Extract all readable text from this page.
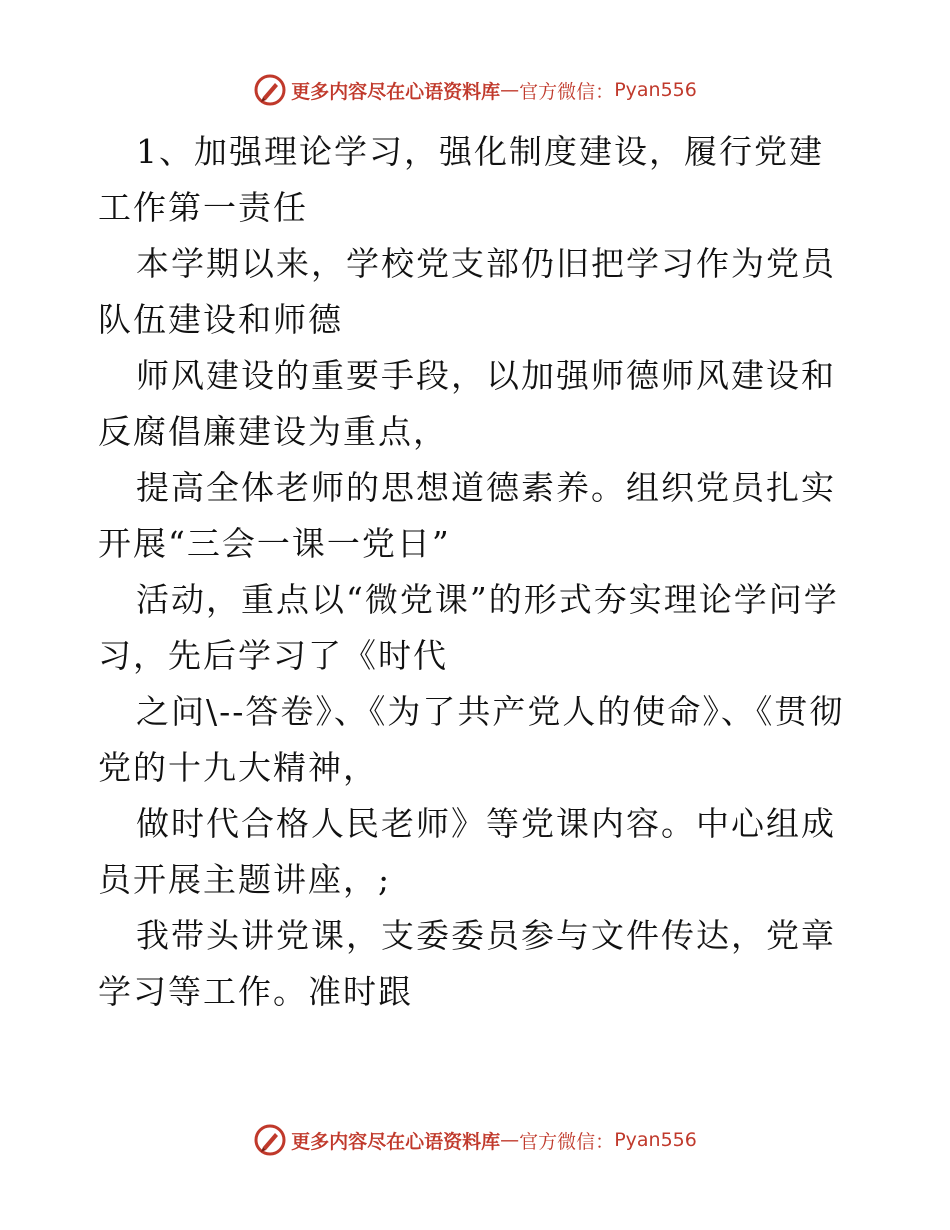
更多内容尽在心语资料库 — 官方微信： Pyan556

1、加强理论学习，强化制度建设，履行党建工作第一责任

本学期以来，学校党支部仍旧把学习作为党员队伍建设和师德

师风建设的重要手段，以加强师德师风建设和反腐倡廉建设为重点，

提高全体老师的思想道德素养。组织党员扎实开展“三会一课一党日”

活动，重点以“微党课”的形式夯实理论学问学习，先后学习了《时代

之问\--答卷》、《为了共产党人的使命》、《贯彻党的十九大精神，

做时代合格人民老师》等党课内容。中心组成员开展主题讲座，;

我带头讲党课，支委委员参与文件传达，党章学习等工作。准时跟

更多内容尽在心语资料库 — 官方微信： Pyan556
